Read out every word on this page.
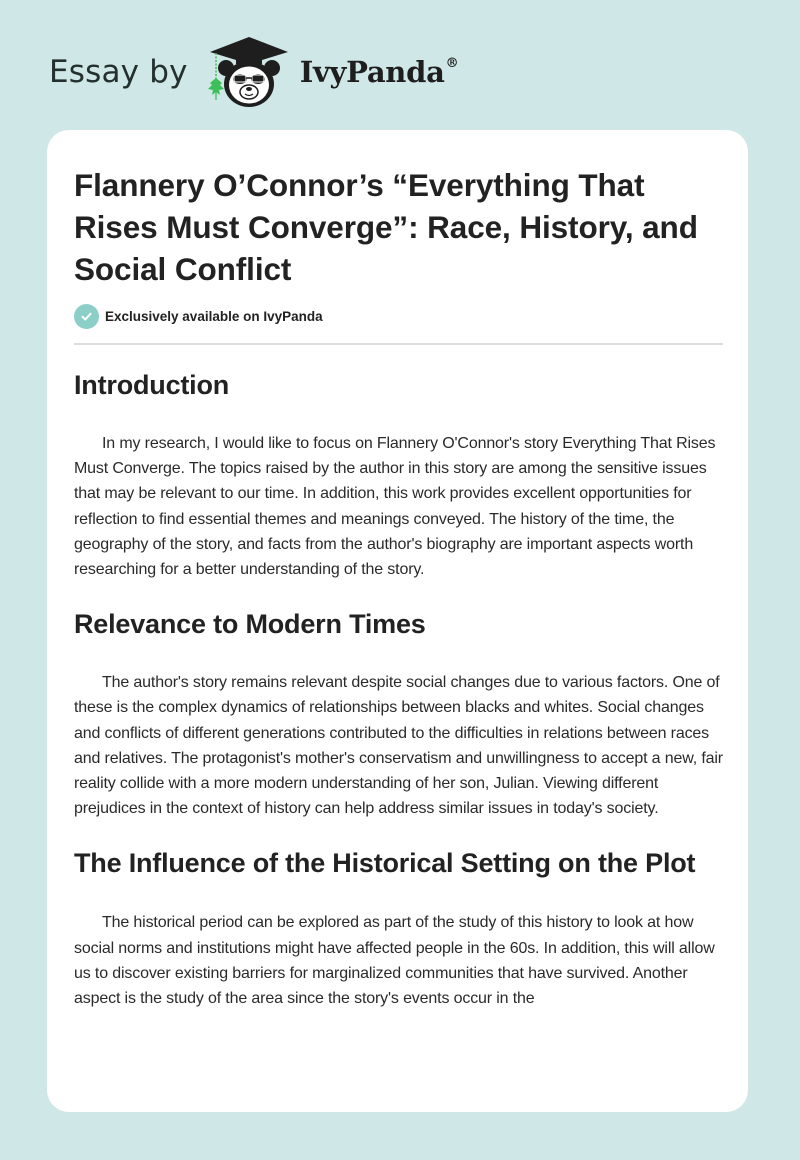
Essay by	IvyPanda®
Flannery O’Connor’s “Everything That Rises Must Converge”: Race, History, and Social Conflict
Exclusively available on IvyPanda
Introduction

In my research, I would like to focus on Flannery O'Connor's story Everything That Rises Must Converge. The topics raised by the author in this story are among the sensitive issues that may be relevant to our time. In addition, this work provides excellent opportunities for reflection to find essential themes and meanings conveyed. The history of the time, the geography of the story, and facts from the author's biography are important aspects worth researching for a better understanding of the story.

Relevance to Modern Times

The author's story remains relevant despite social changes due to various factors. One of these is the complex dynamics of relationships between blacks and whites. Social changes and conflicts of different generations contributed to the difficulties in relations between races and relatives. The protagonist's mother's conservatism and unwillingness to accept a new, fair reality collide with a more modern understanding of her son, Julian. Viewing different prejudices in the context of history can help address similar issues in today's society.

The Influence of the Historical Setting on the Plot

The historical period can be explored as part of the study of this history to look at how social norms and institutions might have affected people in the 60s. In addition, this will allow us to discover existing barriers for marginalized communities that have survived. Another aspect is the study of the area since the story's events occur in the
